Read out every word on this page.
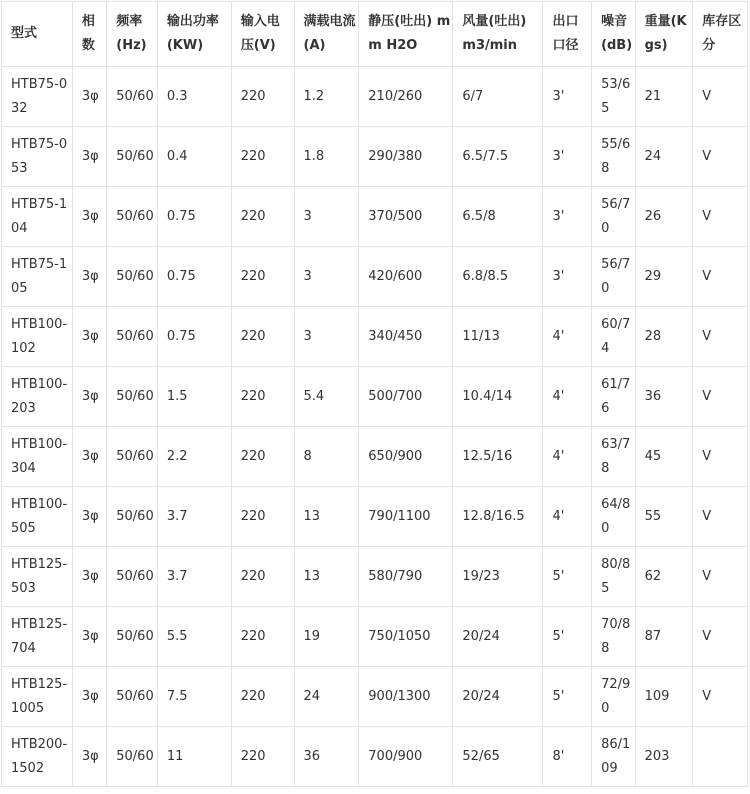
型式	相数	频率(Hz)	输出功率(KW)	输入电压(V)	满载电流(A)	静压(吐出) mm H2O	风量(吐出) m3/min	出口口径	噪音(dB)	重量(Kgs)	库存区分
HTB75-032	3φ	50/60	0.3	220	1.2	210/260	6/7	3'	53/65	21	V
HTB75-053	3φ	50/60	0.4	220	1.8	290/380	6.5/7.5	3'	55/68	24	V
HTB75-104	3φ	50/60	0.75	220	3	370/500	6.5/8	3'	56/70	26	V
HTB75-105	3φ	50/60	0.75	220	3	420/600	6.8/8.5	3'	56/70	29	V
HTB100-102	3φ	50/60	0.75	220	3	340/450	11/13	4'	60/74	28	V
HTB100-203	3φ	50/60	1.5	220	5.4	500/700	10.4/14	4'	61/76	36	V
HTB100-304	3φ	50/60	2.2	220	8	650/900	12.5/16	4'	63/78	45	V
HTB100-505	3φ	50/60	3.7	220	13	790/1100	12.8/16.5	4'	64/80	55	V
HTB125-503	3φ	50/60	3.7	220	13	580/790	19/23	5'	80/85	62	V
HTB125-704	3φ	50/60	5.5	220	19	750/1050	20/24	5'	70/88	87	V
HTB125-1005	3φ	50/60	7.5	220	24	900/1300	20/24	5'	72/90	109	V
HTB200-1502	3φ	50/60	11	220	36	700/900	52/65	8'	86/109	203	
